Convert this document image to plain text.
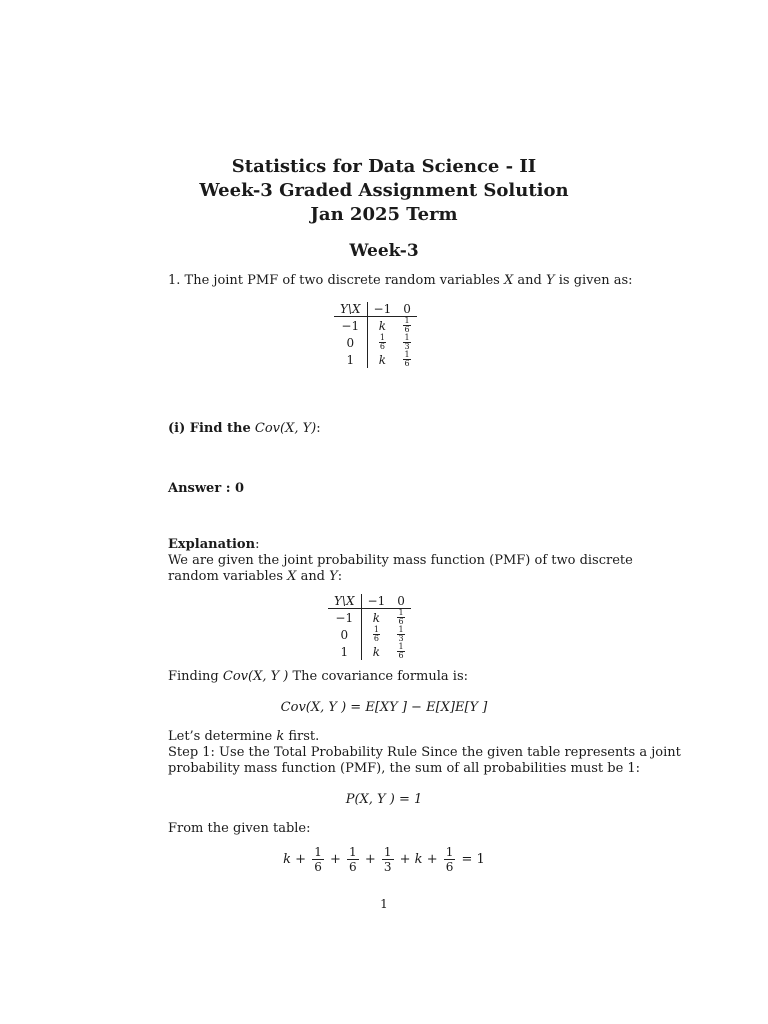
Statistics for Data Science - II
Week-3 Graded Assignment Solution
Jan 2025 Term
Week-3
1. The joint PMF of two discrete random variables X and Y is given as:
Y\X	−1	0
−1	k	$\frac{1}{6}$

0	$\frac{1}{6}$	$\frac{1}{3}$

1	k	$\frac{1}{6}$
(i) Find the Cov(X, Y):
Answer : 0
Explanation:
We are given the joint probability mass function (PMF) of two discrete
random variables X and Y:
Y\X	−1	0
−1	k	$\frac{1}{6}$

0	$\frac{1}{6}$	$\frac{1}{3}$

1	k	$\frac{1}{6}$
Finding Cov(X, Y ) The covariance formula is:
Cov(X, Y ) = E[XY ] − E[X]E[Y ]
Let’s determine k first.
Step 1: Use the Total Probability Rule Since the given table represents a joint
probability mass function (PMF), the sum of all probabilities must be 1:
P(X, Y ) = 1
From the given table:
$k + \frac{1}{6} + \frac{1}{6} + \frac{1}{3} + k + \frac{1}{6} = 1$
1
